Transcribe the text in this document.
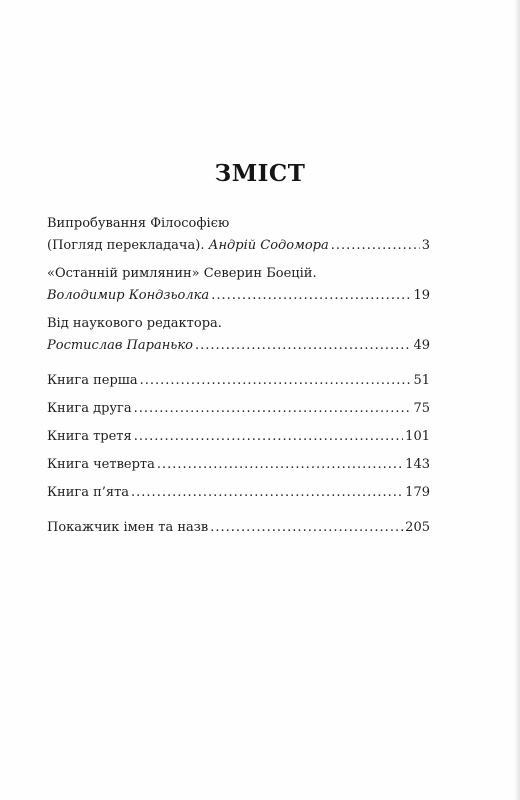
ЗМІСТ
Випробування Філософією
(Погляд перекладача).
Андрій Содомора .....	3
«Останній римлянин» Северин Боецій.
Володимир Кондзьолка .....	19
Від наукового редактора.
Ростислав Паранько .....	49
Книга перша .....	51
Книга друга .....	75
Книга третя .....	101
Книга четверта .....	143
Книга п’ята .....	179
Покажчик імен та назв .....	205
